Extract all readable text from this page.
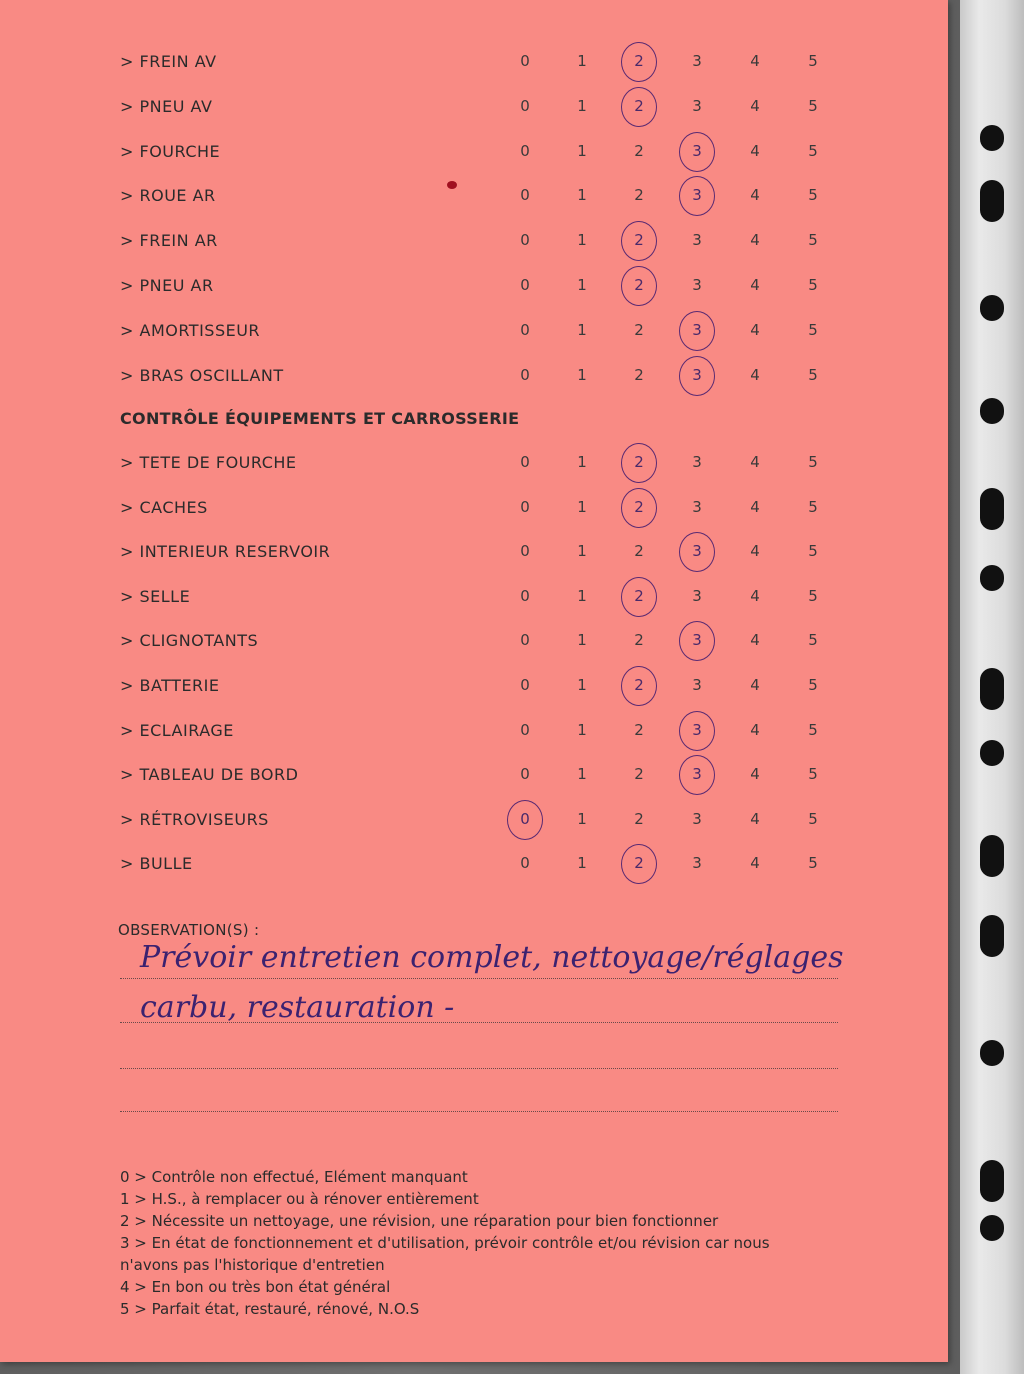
CONTRÔLE ÉQUIPEMENTS ET CARROSSERIE
OBSERVATION(S) :
Prévoir entretien complet, nettoyage/réglages
carbu, restauration -
0 > Contrôle non effectué, Elément manquant
1 > H.S., à remplacer ou à rénover entièrement
2 > Nécessite un nettoyage, une révision, une réparation pour bien fonctionner
3 > En état de fonctionnement et d'utilisation, prévoir contrôle et/ou révision car nous
n'avons pas l'historique d'entretien
4 > En bon ou très bon état général
5 > Parfait état, restauré, rénové, N.O.S
> FREIN AV	0	1	2	3	4	5
> PNEU AV	0	1	2	3	4	5
> FOURCHE	0	1	2	3	4	5
> ROUE AR	0	1	2	3	4	5
> FREIN AR	0	1	2	3	4	5
> PNEU AR	0	1	2	3	4	5
> AMORTISSEUR	0	1	2	3	4	5
> BRAS OSCILLANT	0	1	2	3	4	5
> TETE DE FOURCHE	0	1	2	3	4	5
> CACHES	0	1	2	3	4	5
> INTERIEUR RESERVOIR	0	1	2	3	4	5
> SELLE	0	1	2	3	4	5
> CLIGNOTANTS	0	1	2	3	4	5
> BATTERIE	0	1	2	3	4	5
> ECLAIRAGE	0	1	2	3	4	5
> TABLEAU DE BORD	0	1	2	3	4	5
> RÉTROVISEURS	0	1	2	3	4	5
> BULLE	0	1	2	3	4	5
